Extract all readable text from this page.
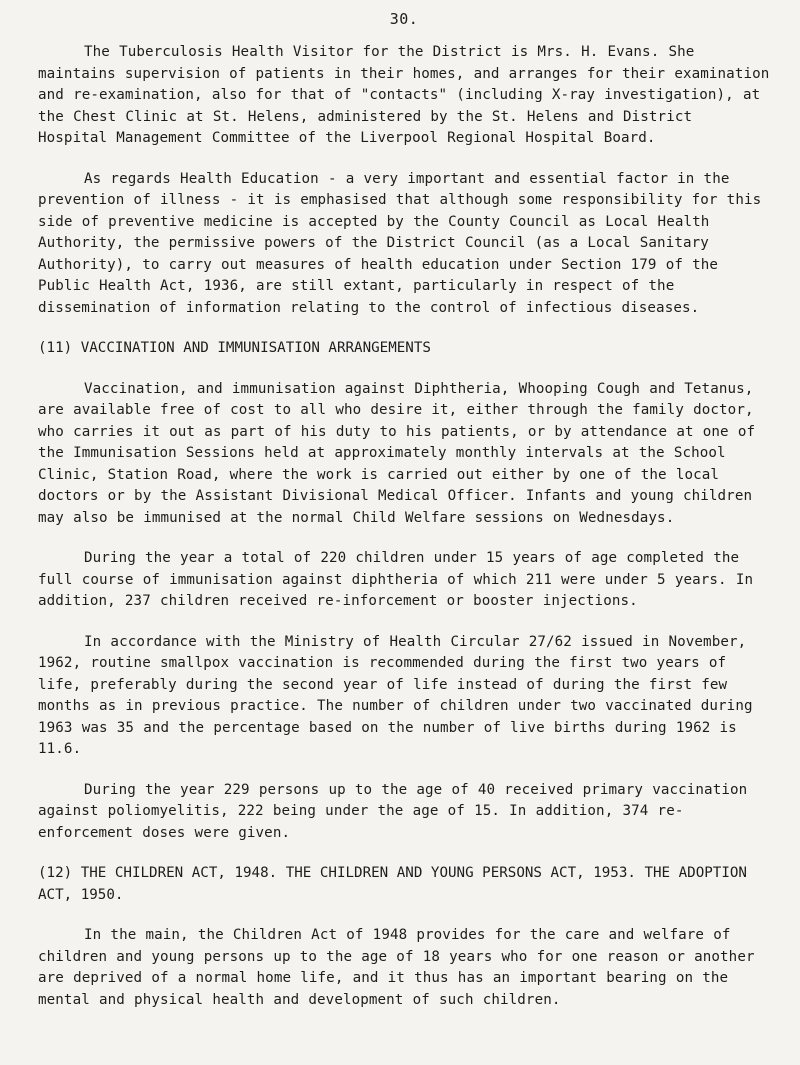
30.

The Tuberculosis Health Visitor for the District is Mrs. H. Evans. She maintains supervision of patients in their homes, and arranges for their examination and re-examination, also for that of "contacts" (including X-ray investigation), at the Chest Clinic at St. Helens, administered by the St. Helens and District Hospital Management Committee of the Liverpool Regional Hospital Board.

As regards Health Education - a very important and essential factor in the prevention of illness - it is emphasised that although some responsibility for this side of preventive medicine is accepted by the County Council as Local Health Authority, the permissive powers of the District Council (as a Local Sanitary Authority), to carry out measures of health education under Section 179 of the Public Health Act, 1936, are still extant, particularly in respect of the dissemination of information relating to the control of infectious diseases.

(11) VACCINATION AND IMMUNISATION ARRANGEMENTS

Vaccination, and immunisation against Diphtheria, Whooping Cough and Tetanus, are available free of cost to all who desire it, either through the family doctor, who carries it out as part of his duty to his patients, or by attendance at one of the Immunisation Sessions held at approximately monthly intervals at the School Clinic, Station Road, where the work is carried out either by one of the local doctors or by the Assistant Divisional Medical Officer. Infants and young children may also be immunised at the normal Child Welfare sessions on Wednesdays.

During the year a total of 220 children under 15 years of age completed the full course of immunisation against diphtheria of which 211 were under 5 years. In addition, 237 children received re-inforcement or booster injections.

In accordance with the Ministry of Health Circular 27/62 issued in November, 1962, routine smallpox vaccination is recommended during the first two years of life, preferably during the second year of life instead of during the first few months as in previous practice. The number of children under two vaccinated during 1963 was 35 and the percentage based on the number of live births during 1962 is 11.6.

During the year 229 persons up to the age of 40 received primary vaccination against poliomyelitis, 222 being under the age of 15. In addition, 374 re-enforcement doses were given.

(12) THE CHILDREN ACT, 1948. THE CHILDREN AND YOUNG PERSONS ACT, 1953. THE ADOPTION ACT, 1950.

In the main, the Children Act of 1948 provides for the care and welfare of children and young persons up to the age of 18 years who for one reason or another are deprived of a normal home life, and it thus has an important bearing on the mental and physical health and development of such children.
